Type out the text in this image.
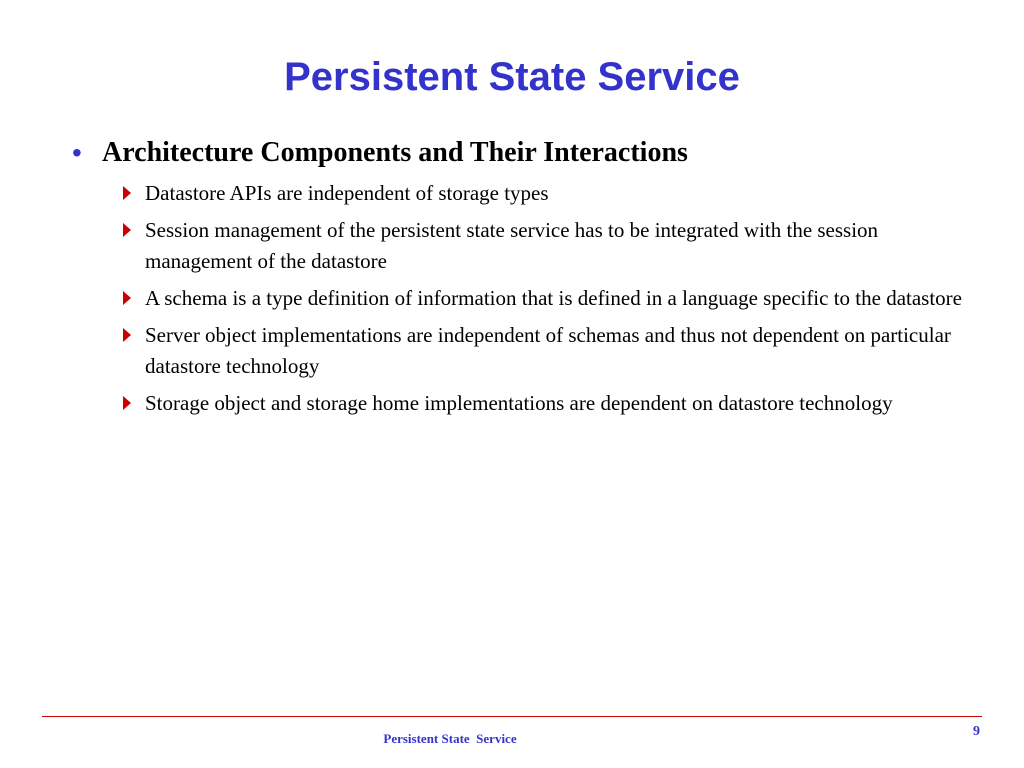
Persistent State Service
• Architecture Components and Their Interactions
Datastore APIs are independent of storage types
Session management of the persistent state service has to be integrated with the session management of the datastore
A schema is a type definition of information that is defined in a language specific to the datastore
Server object implementations are independent of schemas and thus not dependent on particular datastore technology
Storage object and storage home implementations are dependent on datastore technology
Persistent State  Service	9
